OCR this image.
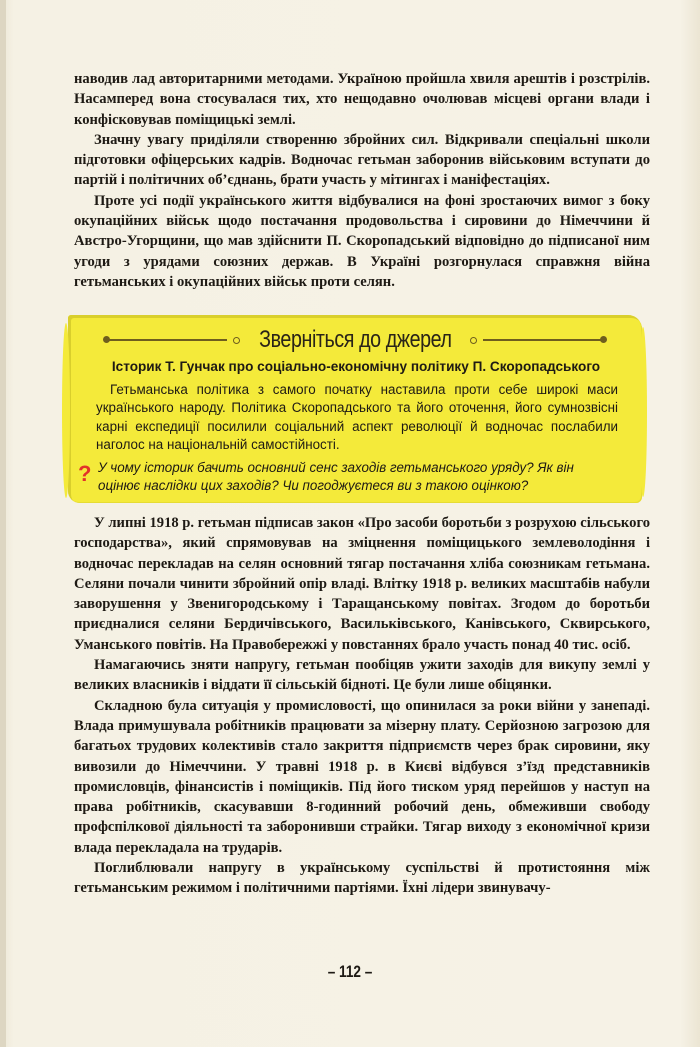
наводив лад авторитарними методами. Україною пройшла хвиля арештів і розстрілів. Насамперед вона стосувалася тих, хто нещодавно очолював місцеві органи влади і конфісковував поміщицькі землі.

Значну увагу приділяли створенню збройних сил. Відкривали спеціальні школи підготовки офіцерських кадрів. Водночас гетьман заборонив військовим вступати до партій і політичних об’єднань, брати участь у мітингах і маніфестаціях.

Проте усі події українського життя відбувалися на фоні зростаючих вимог з боку окупаційних військ щодо постачання продовольства і сировини до Німеччини й Австро-Угорщини, що мав здійснити П. Скоропадський відповідно до підписаної ним угоди з урядами союзних держав. В Україні розгорнулася справжня війна гетьманських і окупаційних військ проти селян.

Зверніться до джерел
Історик Т. Гунчак про соціально-економічну політику П. Скоропадського
Гетьманська політика з самого початку наставила проти себе широкі маси українського народу. Політика Скоропадського та його оточення, його сумнозвісні карні експедиції посилили соціальний аспект революції й водночас послабили наголос на національній самостійності.
? У чому історик бачить основний сенс заходів гетьманського уряду? Як він оцінює наслідки цих заходів? Чи погоджуєтеся ви з такою оцінкою?

У липні 1918 р. гетьман підписав закон «Про засоби боротьби з розрухою сільського господарства», який спрямовував на зміцнення поміщицького землеволодіння і водночас перекладав на селян основний тягар постачання хліба союзникам гетьмана. Селяни почали чинити збройний опір владі. Влітку 1918 р. великих масштабів набули заворушення у Звенигородському і Таращанському повітах. Згодом до боротьби приєдналися селяни Бердичівського, Васильківського, Канівського, Сквирського, Уманського повітів. На Правобережжі у повстаннях брало участь понад 40 тис. осіб.

Намагаючись зняти напругу, гетьман пообіцяв ужити заходів для викупу землі у великих власників і віддати її сільській бідноті. Це були лише обіцянки.

Складною була ситуація у промисловості, що опинилася за роки війни у занепаді. Влада примушувала робітників працювати за мізерну плату. Серйозною загрозою для багатьох трудових колективів стало закриття підприємств через брак сировини, яку вивозили до Німеччини. У травні 1918 р. в Києві відбувся з’їзд представників промисловців, фінансистів і поміщиків. Під його тиском уряд перейшов у наступ на права робітників, скасувавши 8-годинний робочий день, обмеживши свободу профспілкової діяльності та заборонивши страйки. Тягар виходу з економічної кризи влада перекладала на трударів.

Поглиблювали напругу в українському суспільстві й протистояння між гетьманським режимом і політичними партіями. Їхні лідери звинувачу-

– 112 –
